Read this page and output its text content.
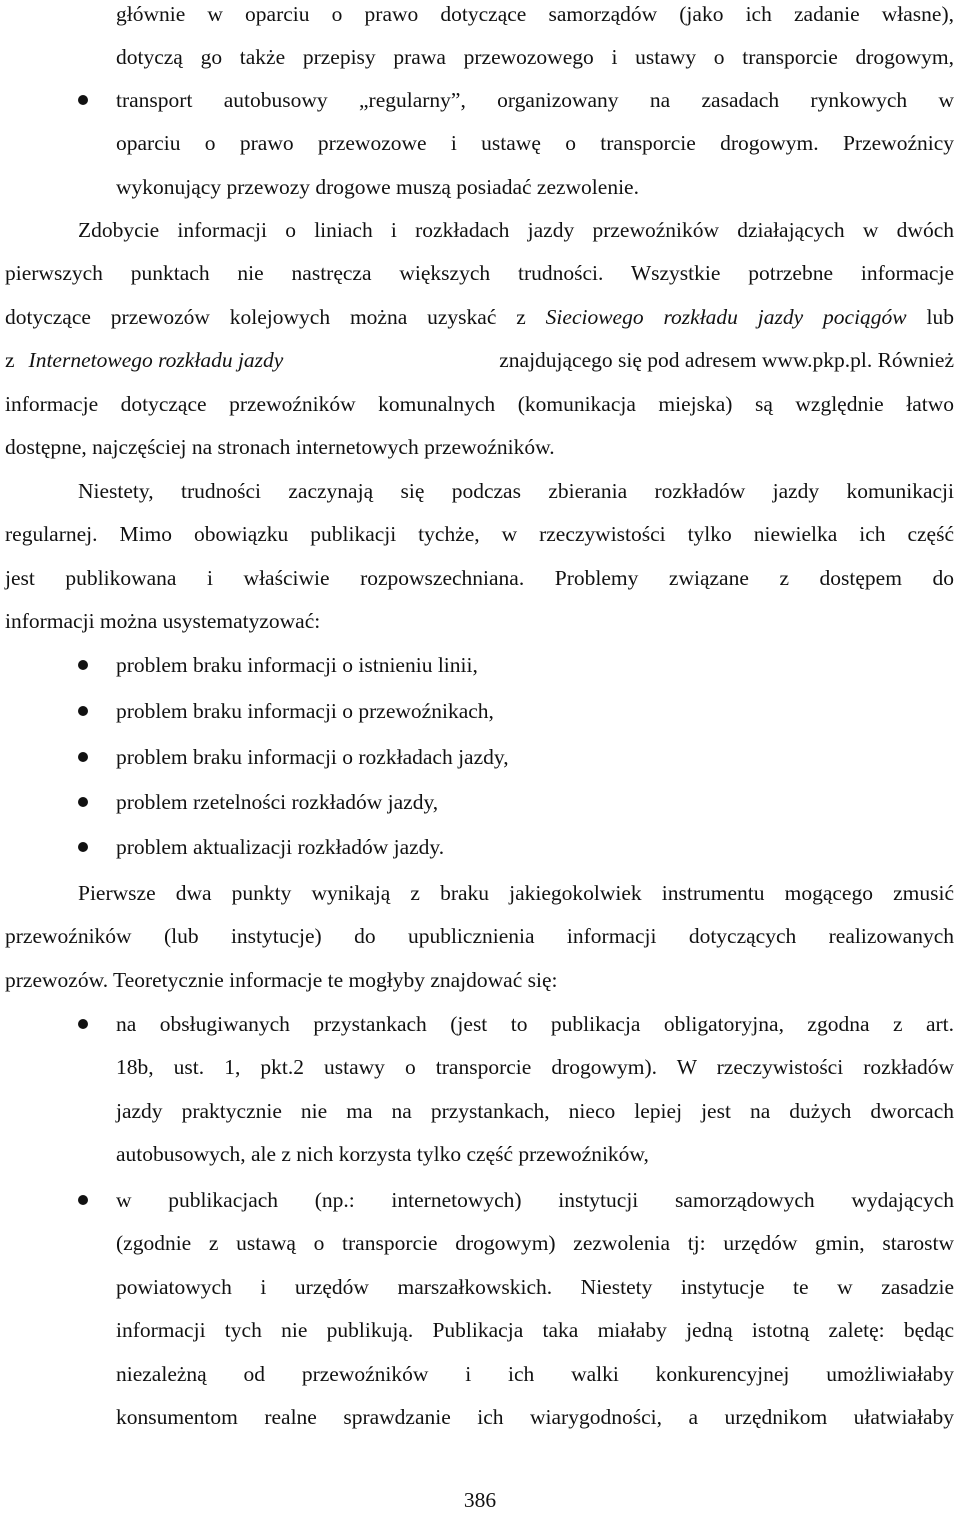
głównie w oparciu o prawo dotyczące samorządów (jako ich zadanie własne),
dotyczą go także przepisy prawa przewozowego i ustawy o transporcie drogowym,
transport autobusowy „regularny”, organizowany na zasadach rynkowych w
oparciu o prawo przewozowe i ustawę o transporcie drogowym. Przewoźnicy
wykonujący przewozy drogowe muszą posiadać zezwolenie.
Zdobycie informacji o liniach i rozkładach jazdy przewoźników działających w dwóch
pierwszych punktach nie nastręcza większych trudności. Wszystkie potrzebne informacje
dotyczące przewozów kolejowych można uzyskać z Sieciowego rozkładu jazdy pociągów lub
z Internetowego rozkładu jazdy	znajdującego się pod adresem www.pkp.pl. Również
informacje dotyczące przewoźników komunalnych (komunikacja miejska) są względnie łatwo
dostępne, najczęściej na stronach internetowych przewoźników.
Niestety, trudności zaczynają się podczas zbierania rozkładów jazdy komunikacji
regularnej. Mimo obowiązku publikacji tychże, w rzeczywistości tylko niewielka ich część
jest publikowana i właściwie rozpowszechniana. Problemy związane z dostępem do
informacji można usystematyzować:
problem braku informacji o istnieniu linii,
problem braku informacji o przewoźnikach,
problem braku informacji o rozkładach jazdy,
problem rzetelności rozkładów jazdy,
problem aktualizacji rozkładów jazdy.
Pierwsze dwa punkty wynikają z braku jakiegokolwiek instrumentu mogącego zmusić
przewoźników (lub instytucje) do upublicznienia informacji dotyczących realizowanych
przewozów. Teoretycznie informacje te mogłyby znajdować się:
na obsługiwanych przystankach (jest to publikacja obligatoryjna, zgodna z art.
18b, ust. 1, pkt.2 ustawy o transporcie drogowym). W rzeczywistości rozkładów
jazdy praktycznie nie ma na przystankach, nieco lepiej jest na dużych dworcach
autobusowych, ale z nich korzysta tylko część przewoźników,
w publikacjach (np.: internetowych) instytucji samorządowych wydających
(zgodnie z ustawą o transporcie drogowym) zezwolenia tj: urzędów gmin, starostw
powiatowych i urzędów marszałkowskich. Niestety instytucje te w zasadzie
informacji tych nie publikują. Publikacja taka miałaby jedną istotną zaletę: będąc
niezależną od przewoźników i ich walki konkurencyjnej umożliwiałaby
konsumentom realne sprawdzanie ich wiarygodności, a urzędnikom ułatwiałaby
386
